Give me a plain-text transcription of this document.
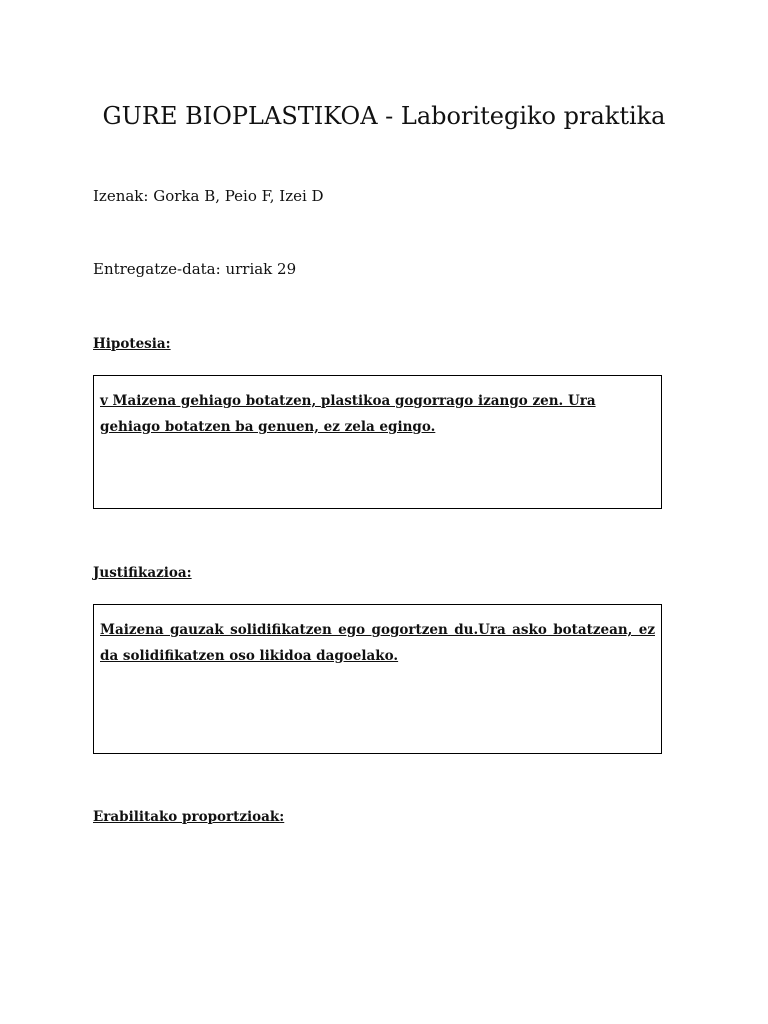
GURE BIOPLASTIKOA - Laboritegiko praktika
Izenak: Gorka B, Peio F, Izei D
Entregatze-data: urriak 29
Hipotesia:
v Maizena gehiago botatzen, plastikoa gogorrago izango zen. Ura gehiago botatzen ba genuen, ez zela egingo.
Justifikazioa:
Maizena gauzak solidifikatzen ego gogortzen du.Ura asko botatzean, ez da solidifikatzen oso likidoa dagoelako.
Erabilitako proportzioak:
